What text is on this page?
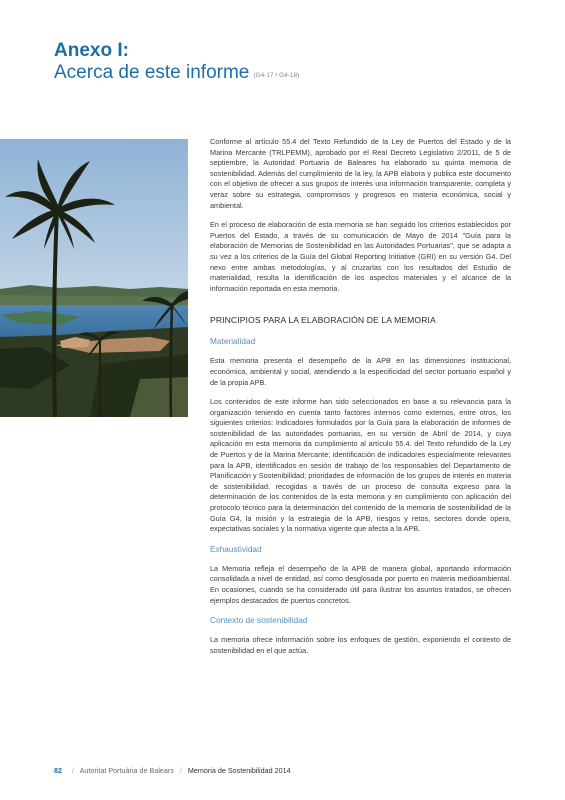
Anexo I:
Acerca de este informe (G4-17 / G4-18)

Conforme al artículo 55.4 del Texto Refundido de la Ley de Puertos del Estado y de la Marina Mercante (TRLPEMM), aprobado por el Real Decreto Legislativo 2/2011, de 5 de septiembre, la Autoridad Portuaria de Baleares ha elaborado su quinta memoria de sostenibilidad. Además del cumplimiento de la ley, la APB elabora y publica este documento con el objetivo de ofrecer a sus grupos de interés una información transparente, completa y veraz sobre su estrategia, compromisos y progresos en materia económica, social y ambiental.

En el proceso de elaboración de esta memoria se han seguido los criterios establecidos por Puertos del Estado, a través de su comunicación de Mayo de 2014 "Guía para la elaboración de Memorias de Sostenibilidad en las Autoridades Portuarias", que se adapta a su vez a los criterios de la Guía del Global Reporting Initiative (GRI) en su versión G4. Del nexo entre ambas metodologías, y al cruzarlas con los resultados del Estudio de materialidad, resulta la identificación de los aspectos materiales y el alcance de la información reportada en esta memoria.

PRINCIPIOS PARA LA ELABORACIÓN DE LA MEMORIA
Materialidad

Esta memoria presenta el desempeño de la APB en las dimensiones institucional, económica, ambiental y social, atendiendo a la especificidad del sector portuario español y de la propia APB.

Los contenidos de este informe han sido seleccionados en base a su relevancia para la organización teniendo en cuenta tanto factores internos como externos, entre otros, los siguientes criterios: Indicadores formulados por la Guía para la elaboración de informes de sostenibilidad de las autoridades portuarias, en su versión de Abril de 2014, y cuya aplicación en esta memoria da cumplimiento al artículo 55.4. del Texto refundido de la Ley de Puertos y de la Marina Mercante; identificación de indicadores especialmente relevantes para la APB, identificados en sesión de trabajo de los responsables del Departamento de Planificación y Sostenibilidad; prioridades de información de los grupos de interés en materia de sostenibilidad, recogidas a través de un proceso de consulta expreso para la determinación de los contenidos de la esta memoria y en cumplimiento con aplicación del protocolo técnico para la determinación del contenido de la memoria de sostenibilidad de la Guía G4, la misión y la estrategia de la APB, riesgos y retos, sectores donde opera, expectativas sociales y la normativa vigente que afecta a la APB.

Exhaustividad

La Memoria refleja el desempeño de la APB de manera global, aportando información consolidada a nivel de entidad, así como desglosada por puerto en materia medioambiental. En ocasiones, cuando se ha considerado útil para ilustrar los asuntos tratados, se ofrecen ejemplos destacados de puertos concretos.

Contexto de sostenibilidad

La memoria ofrece información sobre los enfoques de gestión, exponiendo el contexto de sostenibilidad en el que actúa.

82 / Autoritat Portuària de Balears / Memoria de Sostenibilidad 2014
